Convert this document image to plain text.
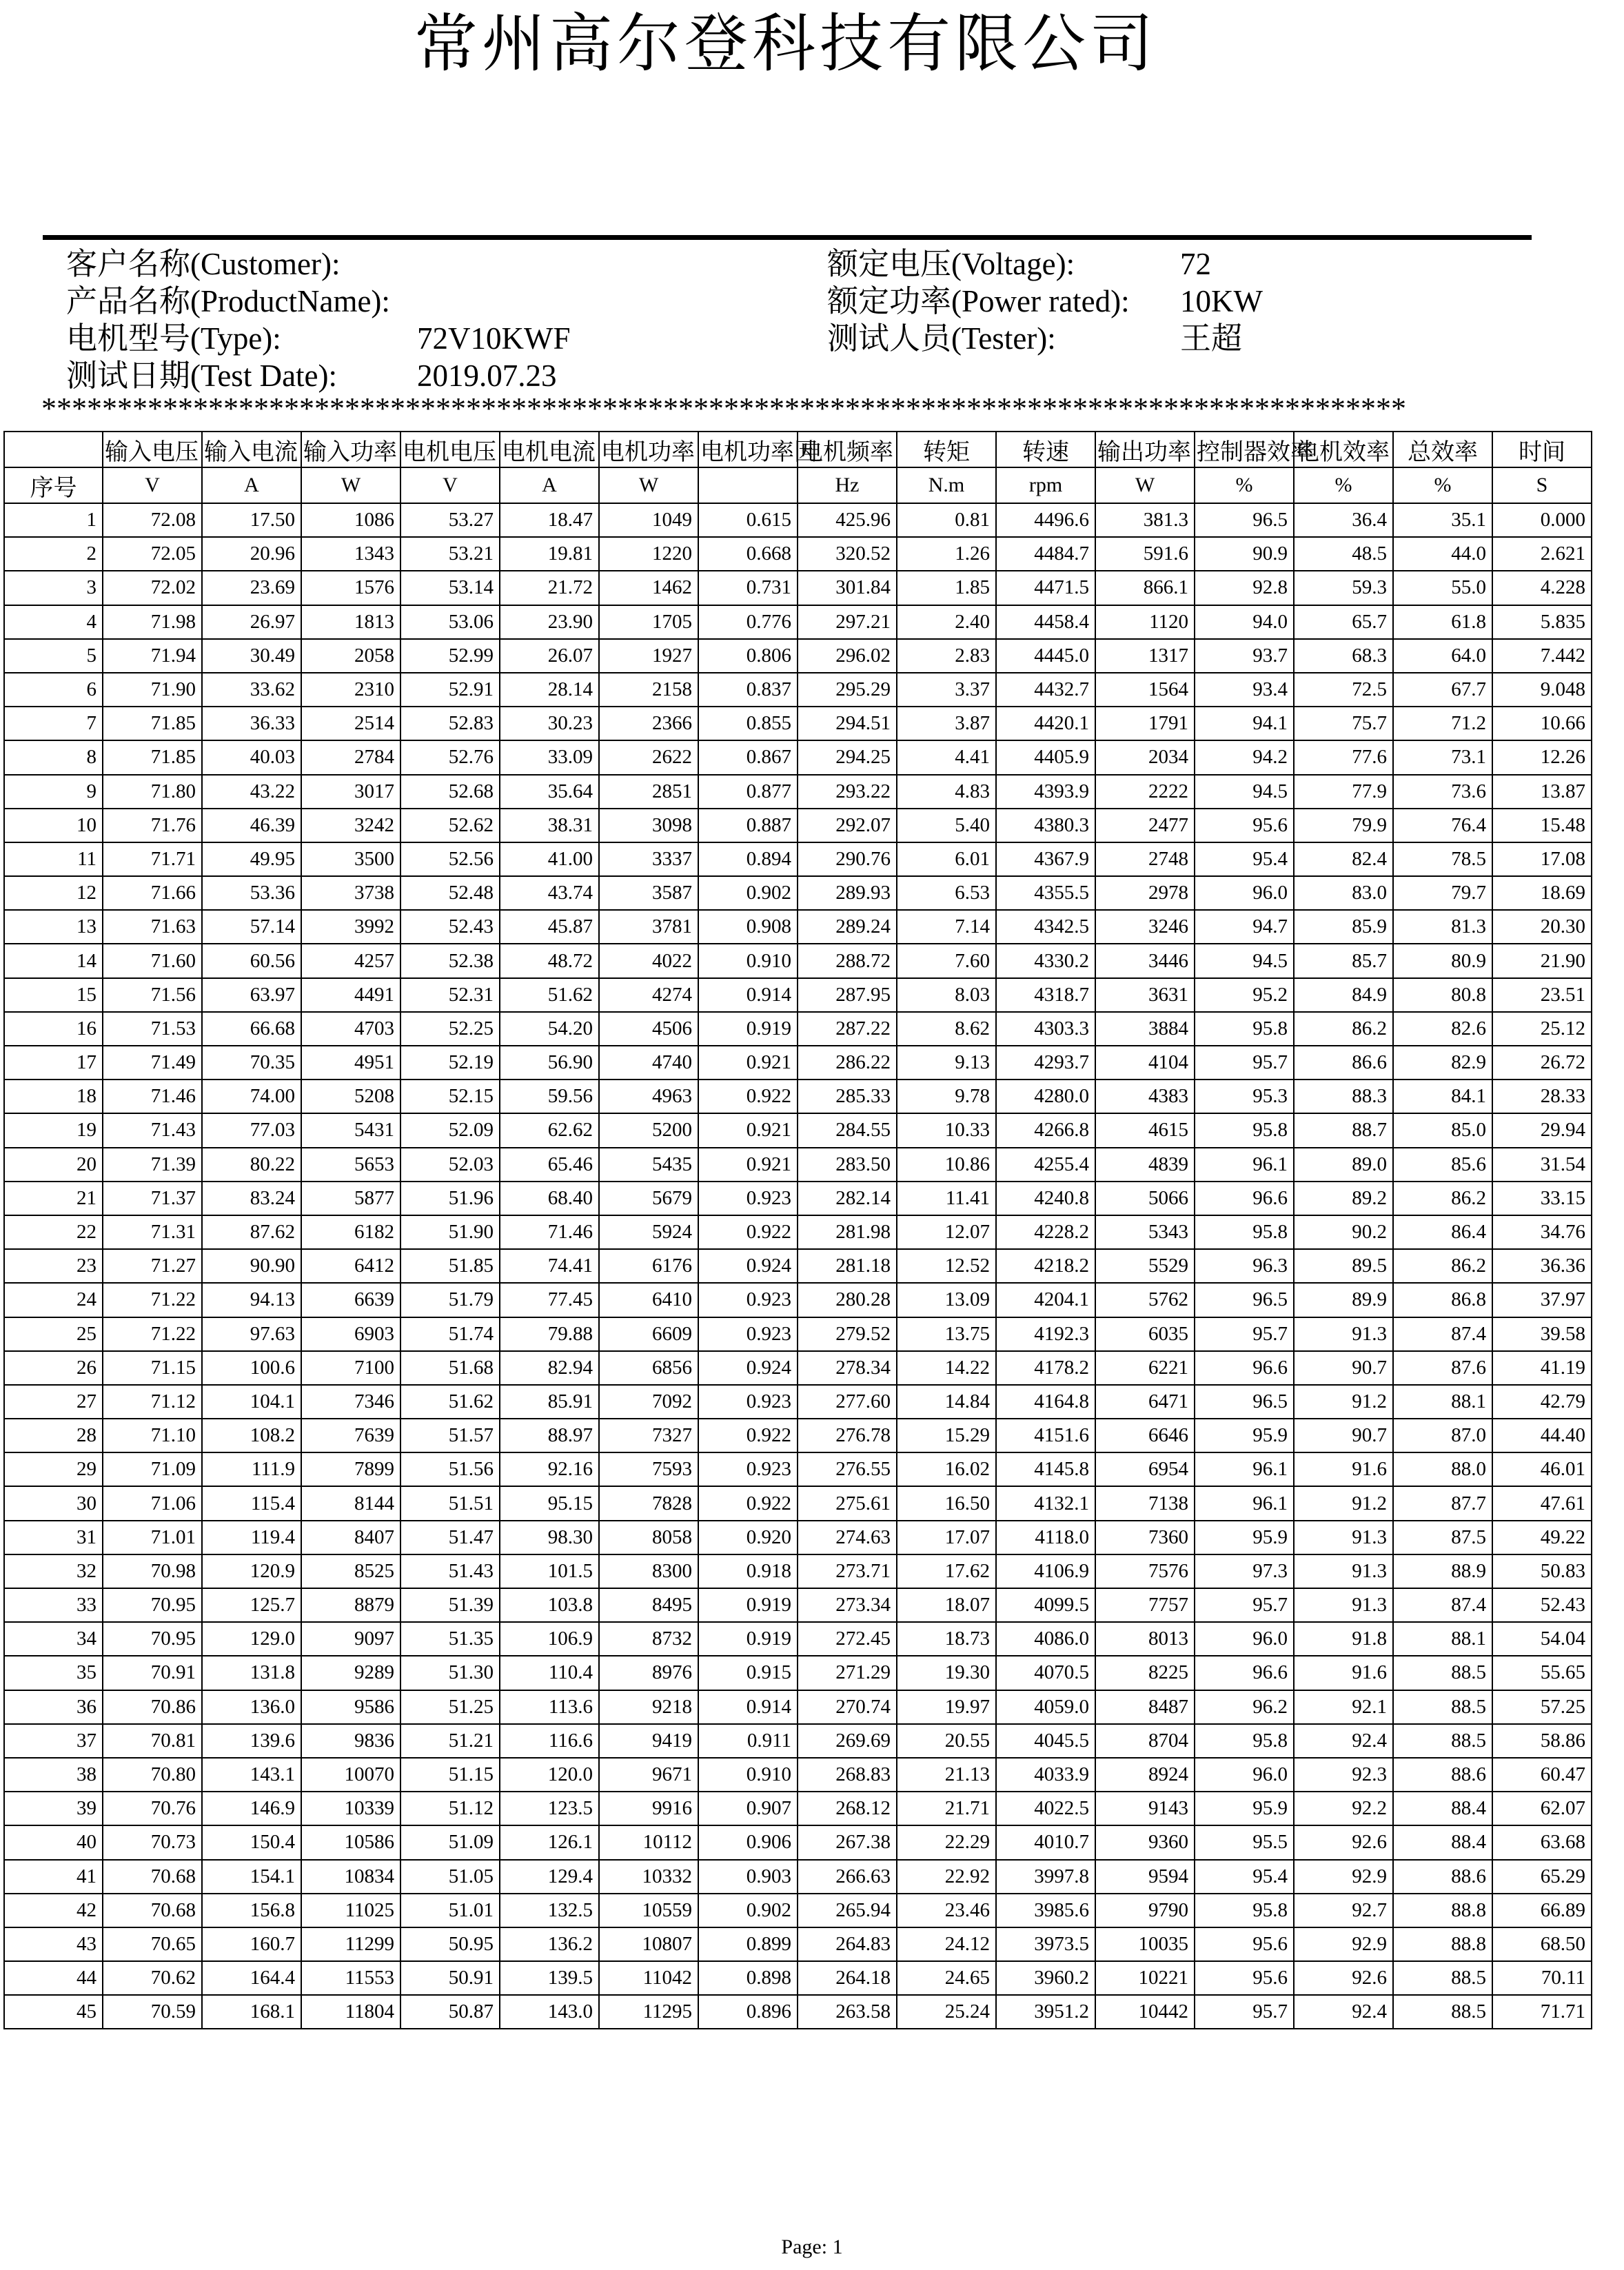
常州高尔登科技有限公司
客户名称(Customer):
产品名称(ProductName):
电机型号(Type):	72V10KWF
测试日期(Test Date):	2019.07.23
额定电压(Voltage):	72
额定功率(Power rated): 10KW
测试人员(Tester):	王超
******************************************************************************************
	输入电压	输入电流	输入功率	电机电压	电机电流	电机功率	电机功率因	电机频率	转矩	转速	输出功率	控制器效率	电机效率	总效率	时间
序号	V	A	W	V	A	W		Hz	N.m	rpm	W	%	%	%	S
1	72.08	17.50	1086	53.27	18.47	1049	0.615	425.96	0.81	4496.6	381.3	96.5	36.4	35.1	0.000
2	72.05	20.96	1343	53.21	19.81	1220	0.668	320.52	1.26	4484.7	591.6	90.9	48.5	44.0	2.621
3	72.02	23.69	1576	53.14	21.72	1462	0.731	301.84	1.85	4471.5	866.1	92.8	59.3	55.0	4.228
4	71.98	26.97	1813	53.06	23.90	1705	0.776	297.21	2.40	4458.4	1120	94.0	65.7	61.8	5.835
5	71.94	30.49	2058	52.99	26.07	1927	0.806	296.02	2.83	4445.0	1317	93.7	68.3	64.0	7.442
6	71.90	33.62	2310	52.91	28.14	2158	0.837	295.29	3.37	4432.7	1564	93.4	72.5	67.7	9.048
7	71.85	36.33	2514	52.83	30.23	2366	0.855	294.51	3.87	4420.1	1791	94.1	75.7	71.2	10.66
8	71.85	40.03	2784	52.76	33.09	2622	0.867	294.25	4.41	4405.9	2034	94.2	77.6	73.1	12.26
9	71.80	43.22	3017	52.68	35.64	2851	0.877	293.22	4.83	4393.9	2222	94.5	77.9	73.6	13.87
10	71.76	46.39	3242	52.62	38.31	3098	0.887	292.07	5.40	4380.3	2477	95.6	79.9	76.4	15.48
11	71.71	49.95	3500	52.56	41.00	3337	0.894	290.76	6.01	4367.9	2748	95.4	82.4	78.5	17.08
12	71.66	53.36	3738	52.48	43.74	3587	0.902	289.93	6.53	4355.5	2978	96.0	83.0	79.7	18.69
13	71.63	57.14	3992	52.43	45.87	3781	0.908	289.24	7.14	4342.5	3246	94.7	85.9	81.3	20.30
14	71.60	60.56	4257	52.38	48.72	4022	0.910	288.72	7.60	4330.2	3446	94.5	85.7	80.9	21.90
15	71.56	63.97	4491	52.31	51.62	4274	0.914	287.95	8.03	4318.7	3631	95.2	84.9	80.8	23.51
16	71.53	66.68	4703	52.25	54.20	4506	0.919	287.22	8.62	4303.3	3884	95.8	86.2	82.6	25.12
17	71.49	70.35	4951	52.19	56.90	4740	0.921	286.22	9.13	4293.7	4104	95.7	86.6	82.9	26.72
18	71.46	74.00	5208	52.15	59.56	4963	0.922	285.33	9.78	4280.0	4383	95.3	88.3	84.1	28.33
19	71.43	77.03	5431	52.09	62.62	5200	0.921	284.55	10.33	4266.8	4615	95.8	88.7	85.0	29.94
20	71.39	80.22	5653	52.03	65.46	5435	0.921	283.50	10.86	4255.4	4839	96.1	89.0	85.6	31.54
21	71.37	83.24	5877	51.96	68.40	5679	0.923	282.14	11.41	4240.8	5066	96.6	89.2	86.2	33.15
22	71.31	87.62	6182	51.90	71.46	5924	0.922	281.98	12.07	4228.2	5343	95.8	90.2	86.4	34.76
23	71.27	90.90	6412	51.85	74.41	6176	0.924	281.18	12.52	4218.2	5529	96.3	89.5	86.2	36.36
24	71.22	94.13	6639	51.79	77.45	6410	0.923	280.28	13.09	4204.1	5762	96.5	89.9	86.8	37.97
25	71.22	97.63	6903	51.74	79.88	6609	0.923	279.52	13.75	4192.3	6035	95.7	91.3	87.4	39.58
26	71.15	100.6	7100	51.68	82.94	6856	0.924	278.34	14.22	4178.2	6221	96.6	90.7	87.6	41.19
27	71.12	104.1	7346	51.62	85.91	7092	0.923	277.60	14.84	4164.8	6471	96.5	91.2	88.1	42.79
28	71.10	108.2	7639	51.57	88.97	7327	0.922	276.78	15.29	4151.6	6646	95.9	90.7	87.0	44.40
29	71.09	111.9	7899	51.56	92.16	7593	0.923	276.55	16.02	4145.8	6954	96.1	91.6	88.0	46.01
30	71.06	115.4	8144	51.51	95.15	7828	0.922	275.61	16.50	4132.1	7138	96.1	91.2	87.7	47.61
31	71.01	119.4	8407	51.47	98.30	8058	0.920	274.63	17.07	4118.0	7360	95.9	91.3	87.5	49.22
32	70.98	120.9	8525	51.43	101.5	8300	0.918	273.71	17.62	4106.9	7576	97.3	91.3	88.9	50.83
33	70.95	125.7	8879	51.39	103.8	8495	0.919	273.34	18.07	4099.5	7757	95.7	91.3	87.4	52.43
34	70.95	129.0	9097	51.35	106.9	8732	0.919	272.45	18.73	4086.0	8013	96.0	91.8	88.1	54.04
35	70.91	131.8	9289	51.30	110.4	8976	0.915	271.29	19.30	4070.5	8225	96.6	91.6	88.5	55.65
36	70.86	136.0	9586	51.25	113.6	9218	0.914	270.74	19.97	4059.0	8487	96.2	92.1	88.5	57.25
37	70.81	139.6	9836	51.21	116.6	9419	0.911	269.69	20.55	4045.5	8704	95.8	92.4	88.5	58.86
38	70.80	143.1	10070	51.15	120.0	9671	0.910	268.83	21.13	4033.9	8924	96.0	92.3	88.6	60.47
39	70.76	146.9	10339	51.12	123.5	9916	0.907	268.12	21.71	4022.5	9143	95.9	92.2	88.4	62.07
40	70.73	150.4	10586	51.09	126.1	10112	0.906	267.38	22.29	4010.7	9360	95.5	92.6	88.4	63.68
41	70.68	154.1	10834	51.05	129.4	10332	0.903	266.63	22.92	3997.8	9594	95.4	92.9	88.6	65.29
42	70.68	156.8	11025	51.01	132.5	10559	0.902	265.94	23.46	3985.6	9790	95.8	92.7	88.8	66.89
43	70.65	160.7	11299	50.95	136.2	10807	0.899	264.83	24.12	3973.5	10035	95.6	92.9	88.8	68.50
44	70.62	164.4	11553	50.91	139.5	11042	0.898	264.18	24.65	3960.2	10221	95.6	92.6	88.5	70.11
45	70.59	168.1	11804	50.87	143.0	11295	0.896	263.58	25.24	3951.2	10442	95.7	92.4	88.5	71.71
Page: 1
